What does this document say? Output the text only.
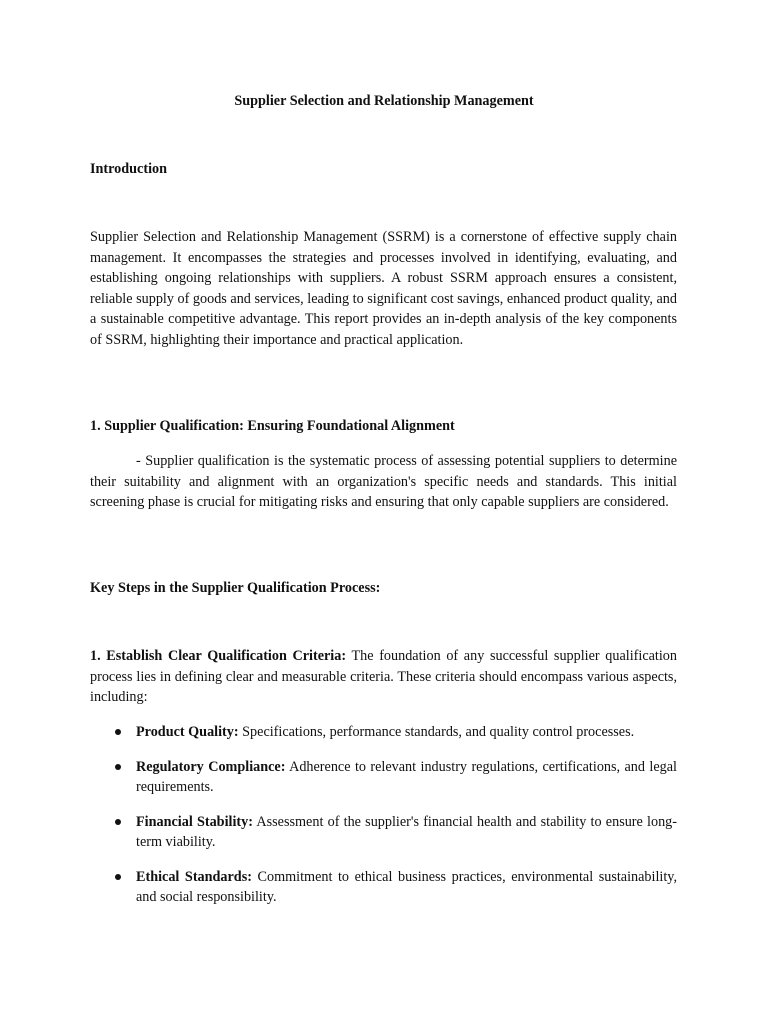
Supplier Selection and Relationship Management
Introduction

Supplier Selection and Relationship Management (SSRM) is a cornerstone of effective supply chain management. It encompasses the strategies and processes involved in identifying, evaluating, and establishing ongoing relationships with suppliers. A robust SSRM approach ensures a consistent, reliable supply of goods and services, leading to significant cost savings, enhanced product quality, and a sustainable competitive advantage. This report provides an in-depth analysis of the key components of SSRM, highlighting their importance and practical application.

1. Supplier Qualification: Ensuring Foundational Alignment

- Supplier qualification is the systematic process of assessing potential suppliers to determine their suitability and alignment with an organization's specific needs and standards. This initial screening phase is crucial for mitigating risks and ensuring that only capable suppliers are considered.

Key Steps in the Supplier Qualification Process:

1. Establish Clear Qualification Criteria: The foundation of any successful supplier qualification process lies in defining clear and measurable criteria. These criteria should encompass various aspects, including:

Product Quality: Specifications, performance standards, and quality control processes.
Regulatory Compliance: Adherence to relevant industry regulations, certifications, and legal requirements.
Financial Stability: Assessment of the supplier's financial health and stability to ensure long-term viability.
Ethical Standards: Commitment to ethical business practices, environmental sustainability, and social responsibility.
